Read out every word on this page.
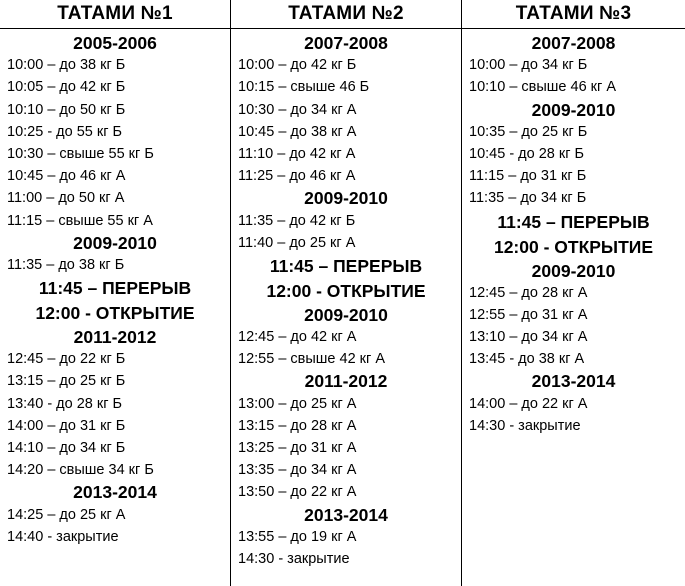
ТАТАМИ №1
2005-2006
10:00 – до 38 кг Б
10:05 – до 42 кг Б
10:10 – до 50 кг Б
10:25 - до 55 кг Б
10:30 – свыше 55 кг Б
10:45 – до 46 кг А
11:00 – до 50 кг А
11:15 – свыше 55 кг А
2009-2010
11:35 – до 38 кг Б
11:45 – ПЕРЕРЫВ
12:00 - ОТКРЫТИЕ
2011-2012
12:45 – до 22 кг Б
13:15 – до 25 кг Б
13:40 - до 28 кг Б
14:00 – до 31 кг Б
14:10 – до 34 кг Б
14:20 – свыше 34 кг Б
2013-2014
14:25 – до 25 кг А
14:40 - закрытие
ТАТАМИ №2
2007-2008
10:00 – до 42 кг Б
10:15 – свыше 46 Б
10:30 – до 34 кг А
10:45 – до 38 кг А
11:10 – до 42 кг А
11:25 – до 46 кг А
2009-2010
11:35 – до 42 кг Б
11:40 – до 25 кг А
11:45 – ПЕРЕРЫВ
12:00 - ОТКРЫТИЕ
2009-2010
12:45 – до 42 кг А
12:55 – свыше 42 кг А
2011-2012
13:00 – до 25 кг А
13:15 – до 28 кг А
13:25 – до 31 кг А
13:35 – до 34 кг А
13:50 – до 22 кг А
2013-2014
13:55 – до 19 кг А
14:30 - закрытие
ТАТАМИ №3
2007-2008
10:00 – до 34 кг Б
10:10 – свыше 46 кг А
2009-2010
10:35 – до 25 кг Б
10:45 - до 28 кг Б
11:15 – до 31 кг Б
11:35 – до 34 кг Б
11:45 – ПЕРЕРЫВ
12:00 - ОТКРЫТИЕ
2009-2010
12:45 – до 28 кг А
12:55 – до 31 кг А
13:10 – до 34 кг А
13:45 - до 38 кг А
2013-2014
14:00 – до 22 кг А
14:30 - закрытие
